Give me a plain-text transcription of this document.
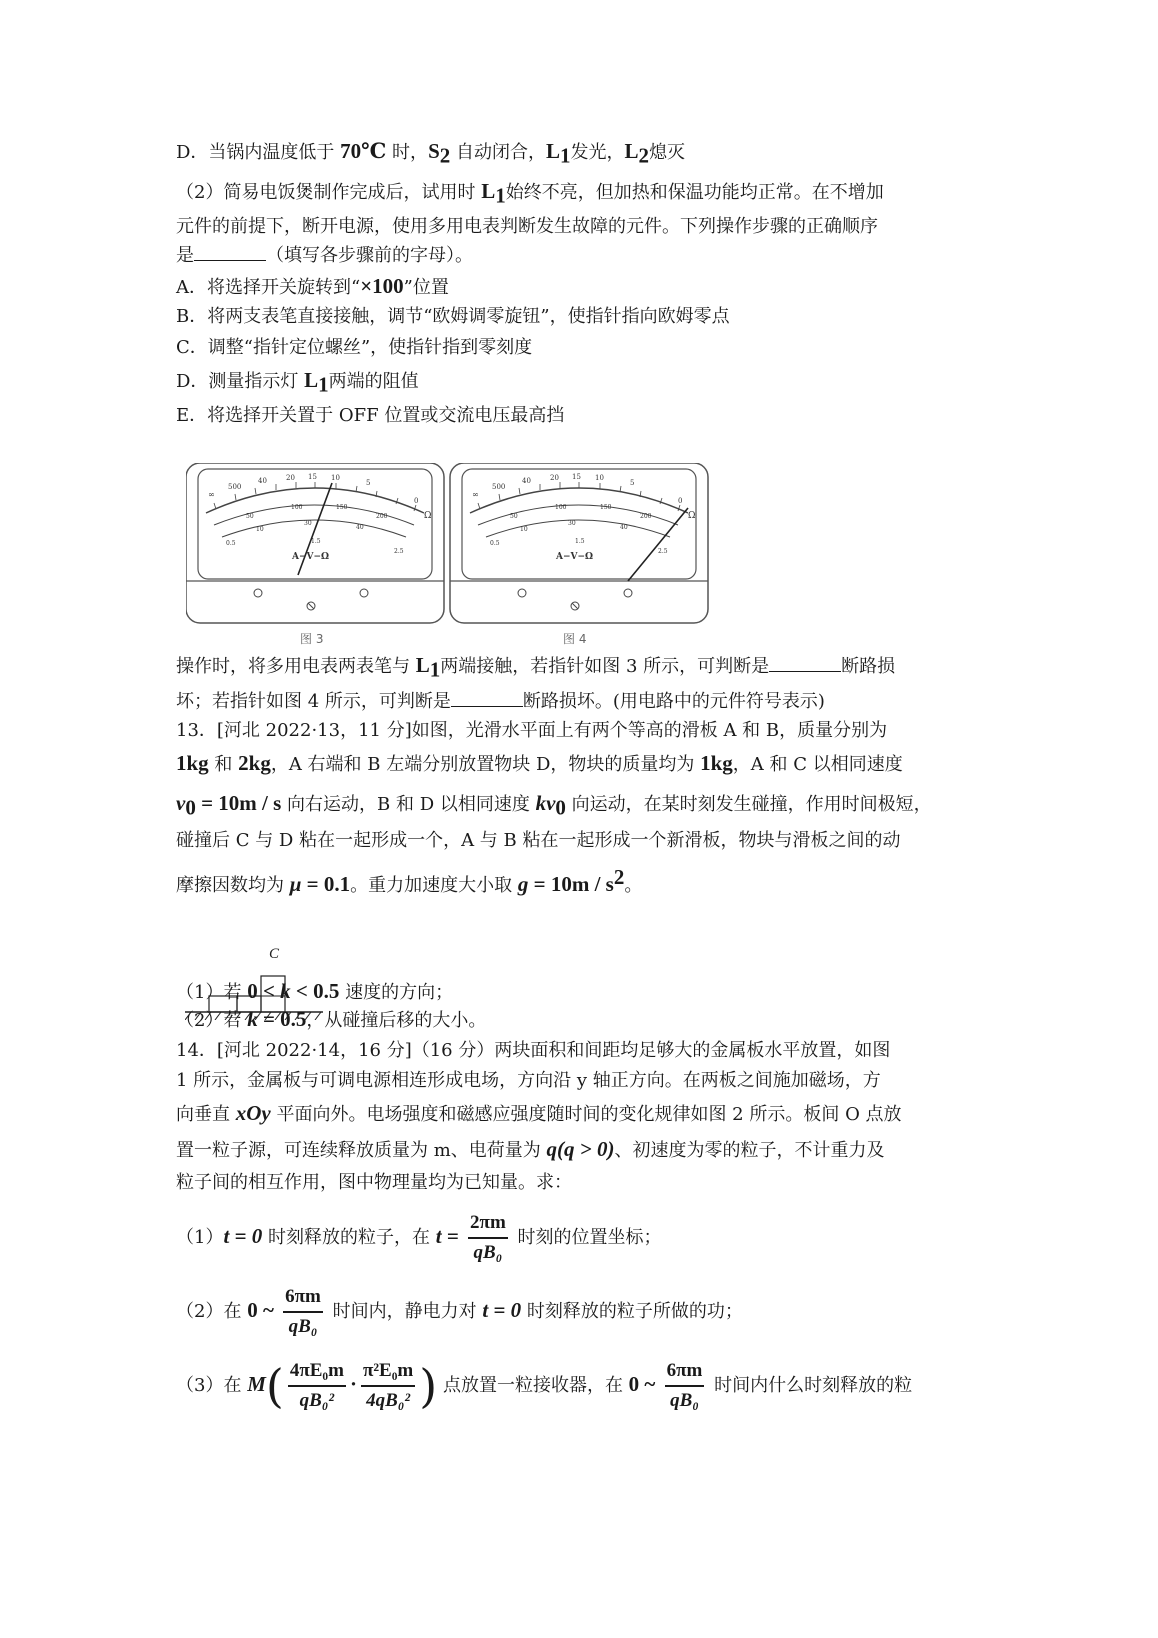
D．当锅内温度低于 70℃ 时，$S_2$ 自动闭合，$L_1$发光，$L_2$熄灭
（2）简易电饭煲制作完成后，试用时 $L_1$始终不亮，但加热和保温功能均正常。在不增加
元件的前提下，断开电源，使用多用电表判断发生故障的元件。下列操作步骤的正确顺序
是	（填写各步骤前的字母）。
A．将选择开关旋转到“×100”位置
B．将两支表笔直接接触，调节“欧姆调零旋钮”，使指针指向欧姆零点
C．调整“指针定位螺丝”，使指针指到零刻度
D．测量指示灯 $L_1$两端的阻值
E．将选择开关置于 OFF 位置或交流电压最高挡
∞
500
40	20 15 10
5
0
Ω
50
100	150
200
10
30
40
0.5	1.5
2.5
A−V−Ω
∞
500
40	20 15 10
5
0
Ω
50
100	150
200
10
30
40
0.5	1.5
2.5
A−V−Ω
图 3	图 4
操作时，将多用电表两表笔与 $L_1$两端接触，若指针如图 3 所示，可判断是	断路损
坏；若指针如图 4 所示，可判断是	断路损坏。(用电路中的元件符号表示)
13．[河北 2022·13，11 分]如图，光滑水平面上有两个等高的滑板 A 和 B，质量分别为
1kg 和 2kg，A 右端和 B 左端分别放置物块 D，物块的质量均为 1kg，A 和 C 以相同速度
$v_0 = 10m / s$ 向右运动，B 和 D 以相同速度 $kv_0$ 向运动，在某时刻发生碰撞，作用时间极短，
碰撞后 C 与 D 粘在一起形成一个，A 与 B 粘在一起形成一个新滑板，物块与滑板之间的动
摩擦因数均为 μ = 0.1。重力加速度大小取 $g = 10m / s^2$。
C
（1）若 0 < k < 0.5 速度的方向；
（2）若 k = 0.5，从碰撞后移的大小。
14．[河北 2022·14，16 分]（16 分）两块面积和间距均足够大的金属板水平放置，如图
1 所示，金属板与可调电源相连形成电场，方向沿 y 轴正方向。在两板之间施加磁场，方
向垂直 xOy 平面向外。电场强度和磁感应强度随时间的变化规律如图 2 所示。板间 O 点放
置一粒子源，可连续释放质量为 m、电荷量为 q(q > 0)、初速度为零的粒子，不计重力及
粒子间的相互作用，图中物理量均为已知量。求：
（1）t = 0 时刻释放的粒子，在 $t = \frac{2\pi m}{\text{qB₀}}$ 时刻的位置坐标；
（2）在 0 ~ $\frac{6\pi m}{\text{qB₀}}$ 时间内，静电力对 t = 0 时刻释放的粒子所做的功；
（3）在 $M( \frac{\text{4πE₀m}}{\text{qB₀²}} \cdot \frac{\text{π²E₀m}}{\text{4qB₀²}}$ ) 点放置一粒接收器，在 0 ~ $\frac{6\pi m}{\text{qB₀}}$ 时间内什么时刻释放的粒
